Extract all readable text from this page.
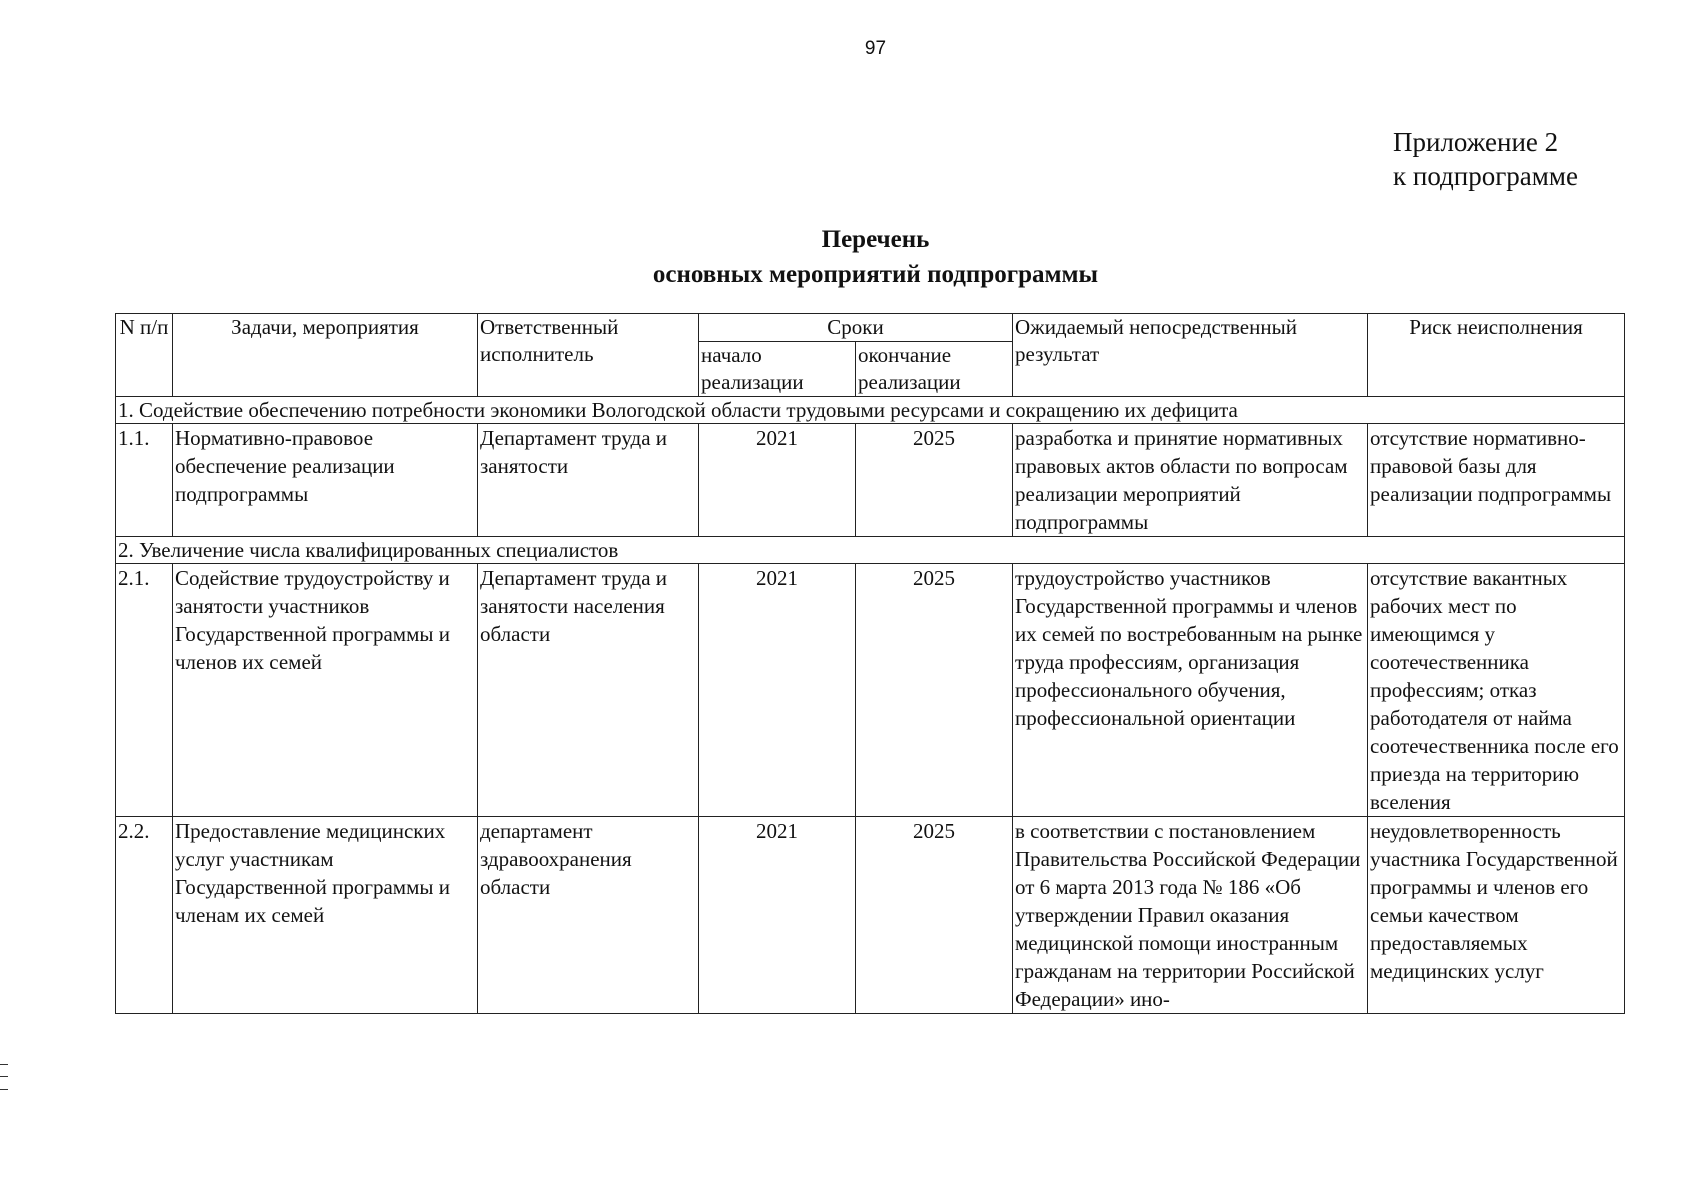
97
Приложение 2
к подпрограмме
Перечень
основных мероприятий подпрограммы
N п/п	Задачи, мероприятия	Ответственный исполнитель	Сроки		Ожидаемый непосредственный результат	Риск неисполнения
			начало реализации	окончание реализации		
1. Содействие обеспечению потребности экономики Вологодской области трудовыми ресурсами и сокращению их дефицита						
1.1.	Нормативно-правовое обеспечение реализации подпрограммы	Департамент труда и занятости	2021	2025	разработка и принятие нормативных правовых актов области по вопросам реализации мероприятий подпрограммы	отсутствие нормативно-правовой базы для реализации подпрограммы
2. Увеличение числа квалифицированных специалистов						
2.1.	Содействие трудоустройству и занятости участников Государственной программы и членов их семей	Департамент труда и занятости населения области	2021	2025	трудоустройство участников Государственной программы и членов их семей по востребованным на рынке труда профессиям, организация профессионального обучения, профессиональной ориентации	отсутствие вакантных рабочих мест по имеющимся у соотечественника профессиям; отказ работодателя от найма соотечественника после его приезда на территорию вселения
2.2.	Предоставление медицинских услуг участникам Государственной программы и членам их семей	департамент здравоохранения области	2021	2025	в соответствии с постановлением Правительства Российской Федерации от 6 марта 2013 года № 186 «Об утверждении Правил оказания медицинской помощи иностранным гражданам на территории Российской Федерации» ино-	неудовлетворенность участника Государственной программы и членов его семьи качеством предоставляемых медицинских услуг
